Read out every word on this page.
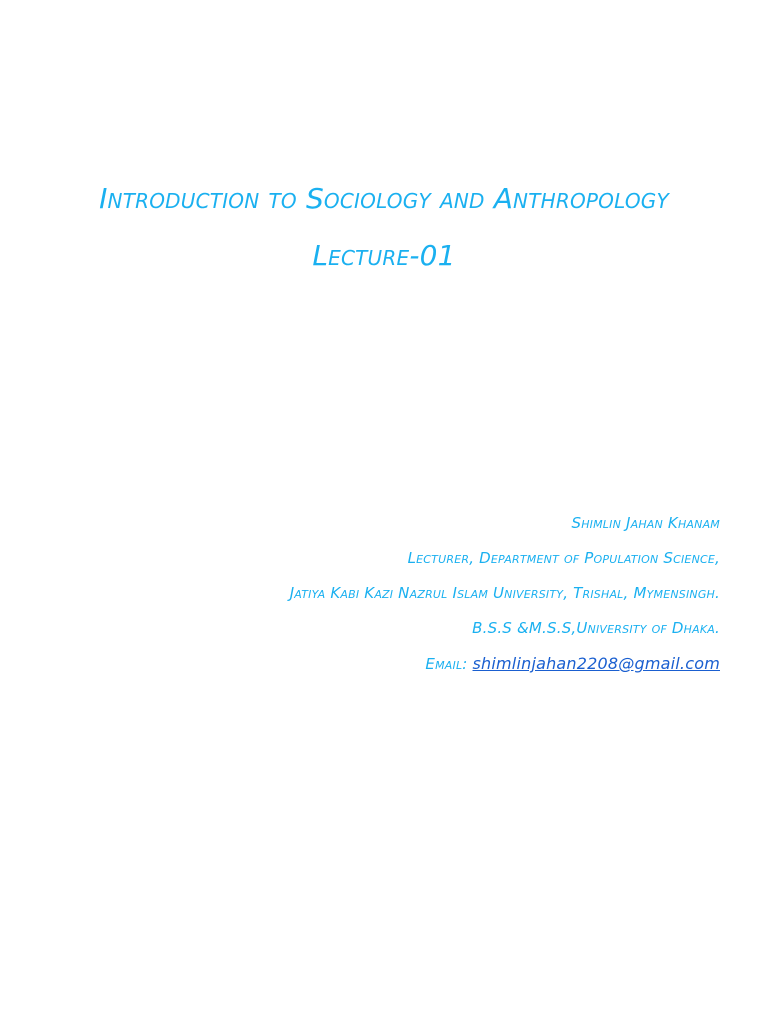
Introduction to Sociology and Anthropology
Lecture-01
Shimlin Jahan Khanam
Lecturer, Department of Population Science,
Jatiya Kabi Kazi Nazrul Islam University, Trishal, Mymensingh.
B.S.S &M.S.S,University of Dhaka.
Email: shimlinjahan2208@gmail.com
